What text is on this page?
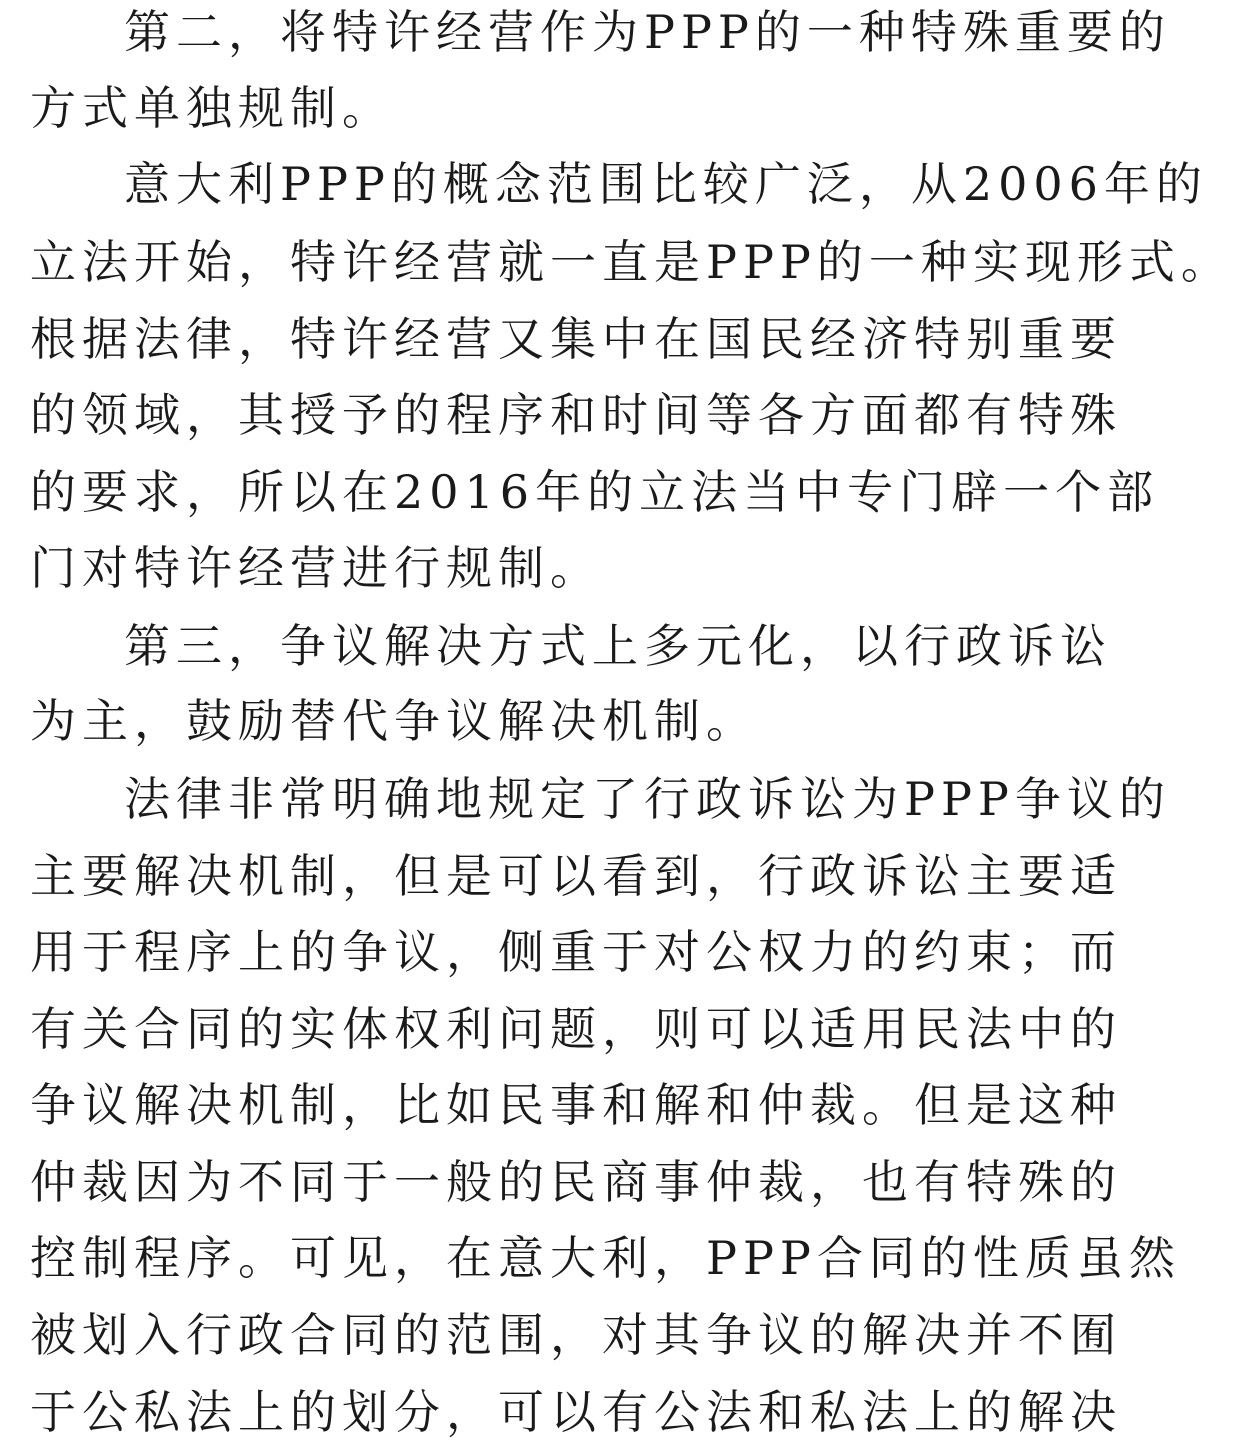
第二，将特许经营作为PPP的一种特殊重要的
方式单独规制。
意大利PPP的概念范围比较广泛，从2006年的
立法开始，特许经营就一直是PPP的一种实现形式。
根据法律，特许经营又集中在国民经济特别重要
的领域，其授予的程序和时间等各方面都有特殊
的要求，所以在2016年的立法当中专门辟一个部
门对特许经营进行规制。
第三，争议解决方式上多元化，以行政诉讼
为主，鼓励替代争议解决机制。
法律非常明确地规定了行政诉讼为PPP争议的
主要解决机制，但是可以看到，行政诉讼主要适
用于程序上的争议，侧重于对公权力的约束；而
有关合同的实体权利问题，则可以适用民法中的
争议解决机制，比如民事和解和仲裁。但是这种
仲裁因为不同于一般的民商事仲裁，也有特殊的
控制程序。可见，在意大利，PPP合同的性质虽然
被划入行政合同的范围，对其争议的解决并不囿
于公私法上的划分，可以有公法和私法上的解决
